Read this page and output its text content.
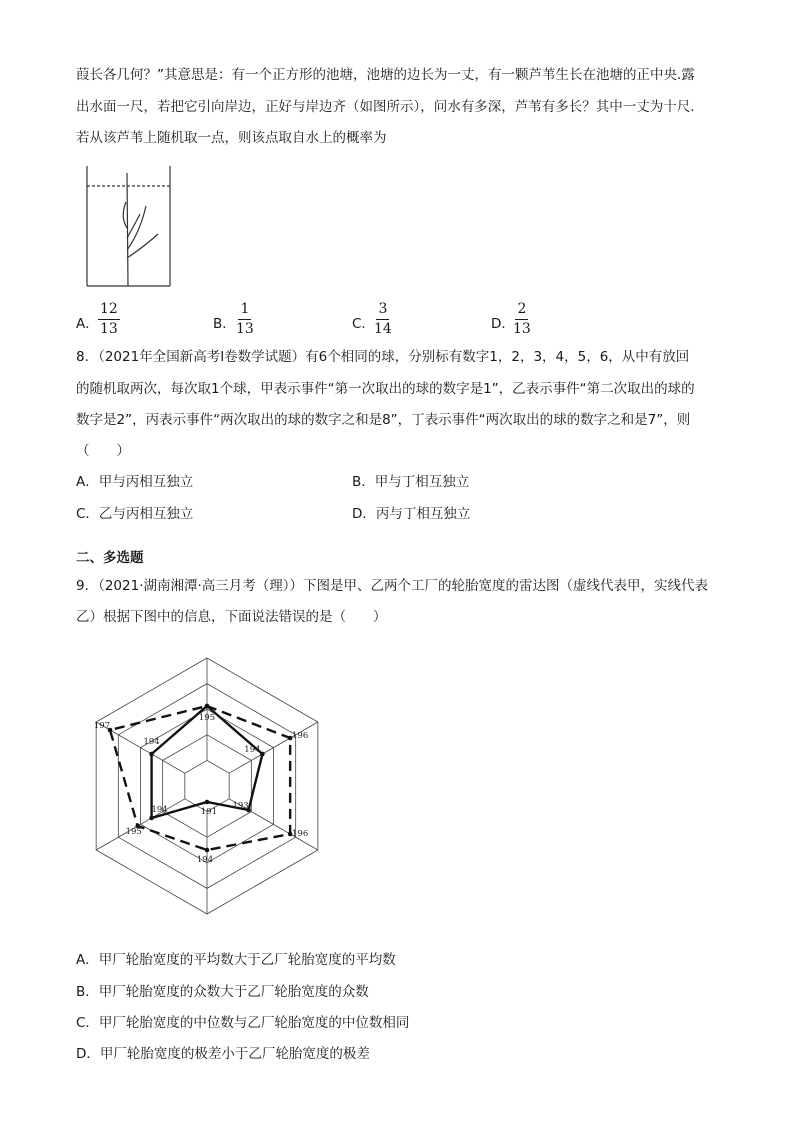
葭长各几何？”其意思是：有一个正方形的池塘，池塘的边长为一丈，有一颗芦苇生长在池塘的正中央.露
出水面一尺，若把它引向岸边，正好与岸边齐（如图所示），问水有多深，芦苇有多长？其中一丈为十尺.
若从该芦苇上随机取一点，则该点取自水上的概率为
A． $\frac{12}{13}$	B． $\frac{1}{13}$	C． $\frac{3}{14}$	D．
$\frac{2}{13}$
8．（2021年全国新高考Ⅰ卷数学试题）有6个相同的球，分别标有数字1，2，3，4，5，6，从中有放回
的随机取两次，每次取1个球，甲表示事件“第一次取出的球的数字是1”，乙表示事件“第二次取出的球的
数字是2”，丙表示事件“两次取出的球的数字之和是8”，丁表示事件“两次取出的球的数字之和是7”，则
（　　）
A．甲与丙相互独立	B．甲与丁相互独立
C．乙与丙相互独立	D．丙与丁相互独立
二、多选题
9．（2021·湖南湘潭·高三月考（理））下图是甲、乙两个工厂的轮胎宽度的雷达图（虚线代表甲，实线代表
乙）根据下图中的信息，下面说法错误的是（　　）
195
196
196
194
195
197
194
193
191
194
194
A．甲厂轮胎宽度的平均数大于乙厂轮胎宽度的平均数
B．甲厂轮胎宽度的众数大于乙厂轮胎宽度的众数
C．甲厂轮胎宽度的中位数与乙厂轮胎宽度的中位数相同
D．甲厂轮胎宽度的极差小于乙厂轮胎宽度的极差
